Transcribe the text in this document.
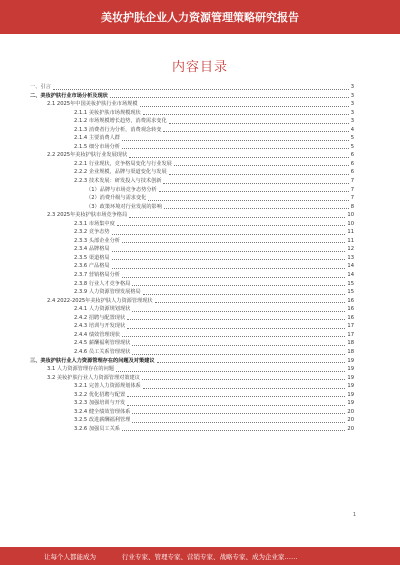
美妆护肤企业人力资源管理策略研究报告
内容目录
一、引言	3
二、美妆护肤行业市场分析及现状	3
2.1 2025年中国美妆护肤行业市场规模	3
2.1.1 美妆护肤市场规模现状	3
2.1.2 市场规模增长趋势，消费需求变化	3
2.1.3 消费者行为分析，消费观念转变	4
2.1.4 主要消费人群	5
2.1.5 细分市场分析	5
2.2 2025年美妆护肤行业发展现状	6
2.2.1 行业现状，竞争格局变化与行业发展	6
2.2.2 企业规模，品牌与渠道变化与发展	6
2.2.3 技术发展：研发投入与技术创新	7
（1）品牌与市场竞争态势分析	7
（2）消费升级与需求变化	7
（3）政策环境对行业发展的影响	8
2.3 2025年美妆护肤市场竞争格局	10
2.3.1 市场集中度	10
2.3.2 竞争态势	11
2.3.3 头部企业分析	11
2.3.4 品牌格局	12
2.3.5 渠道格局	13
2.3.6 产品格局	14
2.3.7 营销格局分析	14
2.3.8 行业人才竞争格局	15
2.3.9 人力资源管理发展格局	15
2.4 2022-2025年美妆护肤人力资源管理现状	16
2.4.1 人力资源规划现状	16
2.4.2 招聘与配置现状	16
2.4.3 培训与开发现状	17
2.4.4 绩效管理现状	17
2.4.5 薪酬福利管理现状	18
2.4.6 员工关系管理现状	18
三、美妆护肤行业人力资源管理存在的问题及对策建议	19
3.1 人力资源管理存在的问题	19
3.2 美妆护肤行业人力资源管理对策建议	19
3.2.1 完善人力资源规划体系	19
3.2.2 优化招聘与配置	19
3.2.3 加强培训与开发	19
3.2.4 健全绩效管理体系	20
3.2.5 改进薪酬福利管理	20
3.2.6 加强员工关系	20
1
让每个人都能成为	行业专家、管理专家、营销专家、战略专家、成为企业家……
